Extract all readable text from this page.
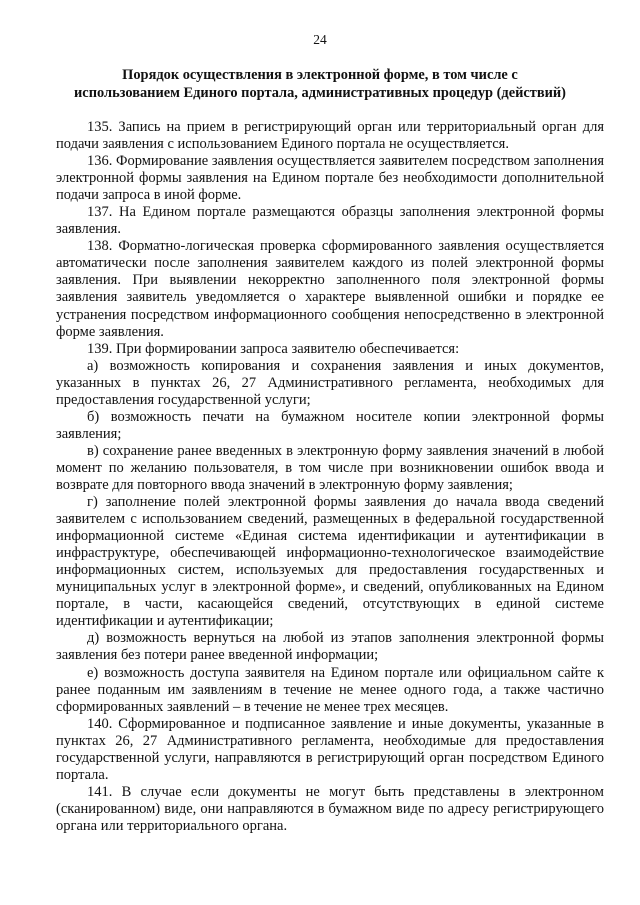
24
Порядок осуществления в электронной форме, в том числе с использованием Единого портала, административных процедур (действий)

135. Запись на прием в регистрирующий орган или территориальный орган для подачи заявления с использованием Единого портала не осуществляется.

136. Формирование заявления осуществляется заявителем посредством заполнения электронной формы заявления на Едином портале без необходимости дополнительной подачи запроса в иной форме.

137. На Едином портале размещаются образцы заполнения электронной формы заявления.

138. Форматно-логическая проверка сформированного заявления осуществляется автоматически после заполнения заявителем каждого из полей электронной формы заявления. При выявлении некорректно заполненного поля электронной формы заявления заявитель уведомляется о характере выявленной ошибки и порядке ее устранения посредством информационного сообщения непосредственно в электронной форме заявления.

139. При формировании запроса заявителю обеспечивается:

а) возможность копирования и сохранения заявления и иных документов, указанных в пунктах 26, 27 Административного регламента, необходимых для предоставления государственной услуги;

б) возможность печати на бумажном носителе копии электронной формы заявления;

в) сохранение ранее введенных в электронную форму заявления значений в любой момент по желанию пользователя, в том числе при возникновении ошибок ввода и возврате для повторного ввода значений в электронную форму заявления;

г) заполнение полей электронной формы заявления до начала ввода сведений заявителем с использованием сведений, размещенных в федеральной государственной информационной системе «Единая система идентификации и аутентификации в инфраструктуре, обеспечивающей информационно-технологическое взаимодействие информационных систем, используемых для предоставления государственных и муниципальных услуг в электронной форме», и сведений, опубликованных на Едином портале, в части, касающейся сведений, отсутствующих в единой системе идентификации и аутентификации;

д) возможность вернуться на любой из этапов заполнения электронной формы заявления без потери ранее введенной информации;

е) возможность доступа заявителя на Едином портале или официальном сайте к ранее поданным им заявлениям в течение не менее одного года, а также частично сформированных заявлений – в течение не менее трех месяцев.

140. Сформированное и подписанное заявление и иные документы, указанные в пунктах 26, 27 Административного регламента, необходимые для предоставления государственной услуги, направляются в регистрирующий орган посредством Единого портала.

141. В случае если документы не могут быть представлены в электронном (сканированном) виде, они направляются в бумажном виде по адресу регистрирующего органа или территориального органа.
